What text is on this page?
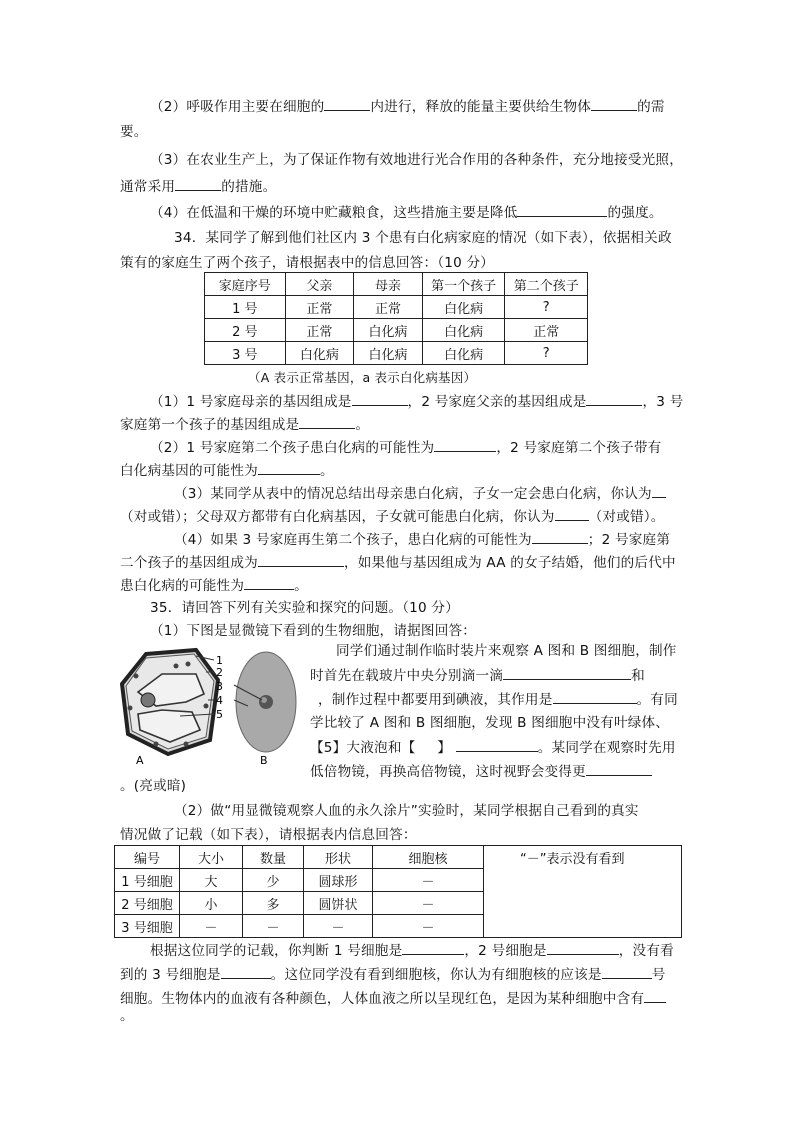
（2）呼吸作用主要在细胞的	内进行，释放的能量主要供给生物体	的需
要。
（3）在农业生产上，为了保证作物有效地进行光合作用的各种条件，充分地接受光照，
通常采用	的措施。
（4）在低温和干燥的环境中贮藏粮食，这些措施主要是降低	的强度。
34．某同学了解到他们社区内 3 个患有白化病家庭的情况（如下表），依据相关政
策有的家庭生了两个孩子，请根据表中的信息回答：（10 分）
家庭序号	父亲	母亲	第一个孩子	第二个孩子
1 号	正常	正常	白化病	?
2 号	正常	白化病	白化病	正常
3 号	白化病	白化病	白化病	?
（A 表示正常基因，a 表示白化病基因）
（1）1 号家庭母亲的基因组成是	，2 号家庭父亲的基因组成是	，3 号
家庭第一个孩子的基因组成是	。
（2）1 号家庭第二个孩子患白化病的可能性为	，2 号家庭第二个孩子带有
白化病基因的可能性为	。
（3）某同学从表中的情况总结出母亲患白化病，子女一定会患白化病，你认为
（对或错）；父母双方都带有白化病基因，子女就可能患白化病，你认为	（对或错）。
（4）如果 3 号家庭再生第二个孩子，患白化病的可能性为	；2 号家庭第
二个孩子的基因组成为	，如果他与基因组成为 AA 的女子结婚，他们的后代中
患白化病的可能性为	。
35．请回答下列有关实验和探究的问题。（10 分）
（1）下图是显微镜下看到的生物细胞，请据图回答：
1
2
3
4
5
A	B
同学们通过制作临时装片来观察 A 图和 B 图细胞，制作
时首先在载玻片中央分别滴一滴	和
，制作过程中都要用到碘液，其作用是	。有同
学比较了 A 图和 B 图细胞，发现 B 图细胞中没有叶绿体、
【5】大液泡和【 】	。某同学在观察时先用
低倍物镜，再换高倍物镜，这时视野会变得更
。(亮或暗)
（2）做“用显微镜观察人血的永久涂片”实验时，某同学根据自己看到的真实
情况做了记载（如下表），请根据表内信息回答：
编号	大小	数量	形状	细胞核	“－”表示没有看到
1 号细胞	大	少	圆球形	－	
2 号细胞	小	多	圆饼状	－	
3 号细胞	－	－	－	－	
根据这位同学的记载，你判断 1 号细胞是	，2 号细胞是	，没有看
到的 3 号细胞是	。这位同学没有看到细胞核，你认为有细胞核的应该是	号
细胞。生物体内的血液有各种颜色，人体血液之所以呈现红色，是因为某种细胞中含有
。
